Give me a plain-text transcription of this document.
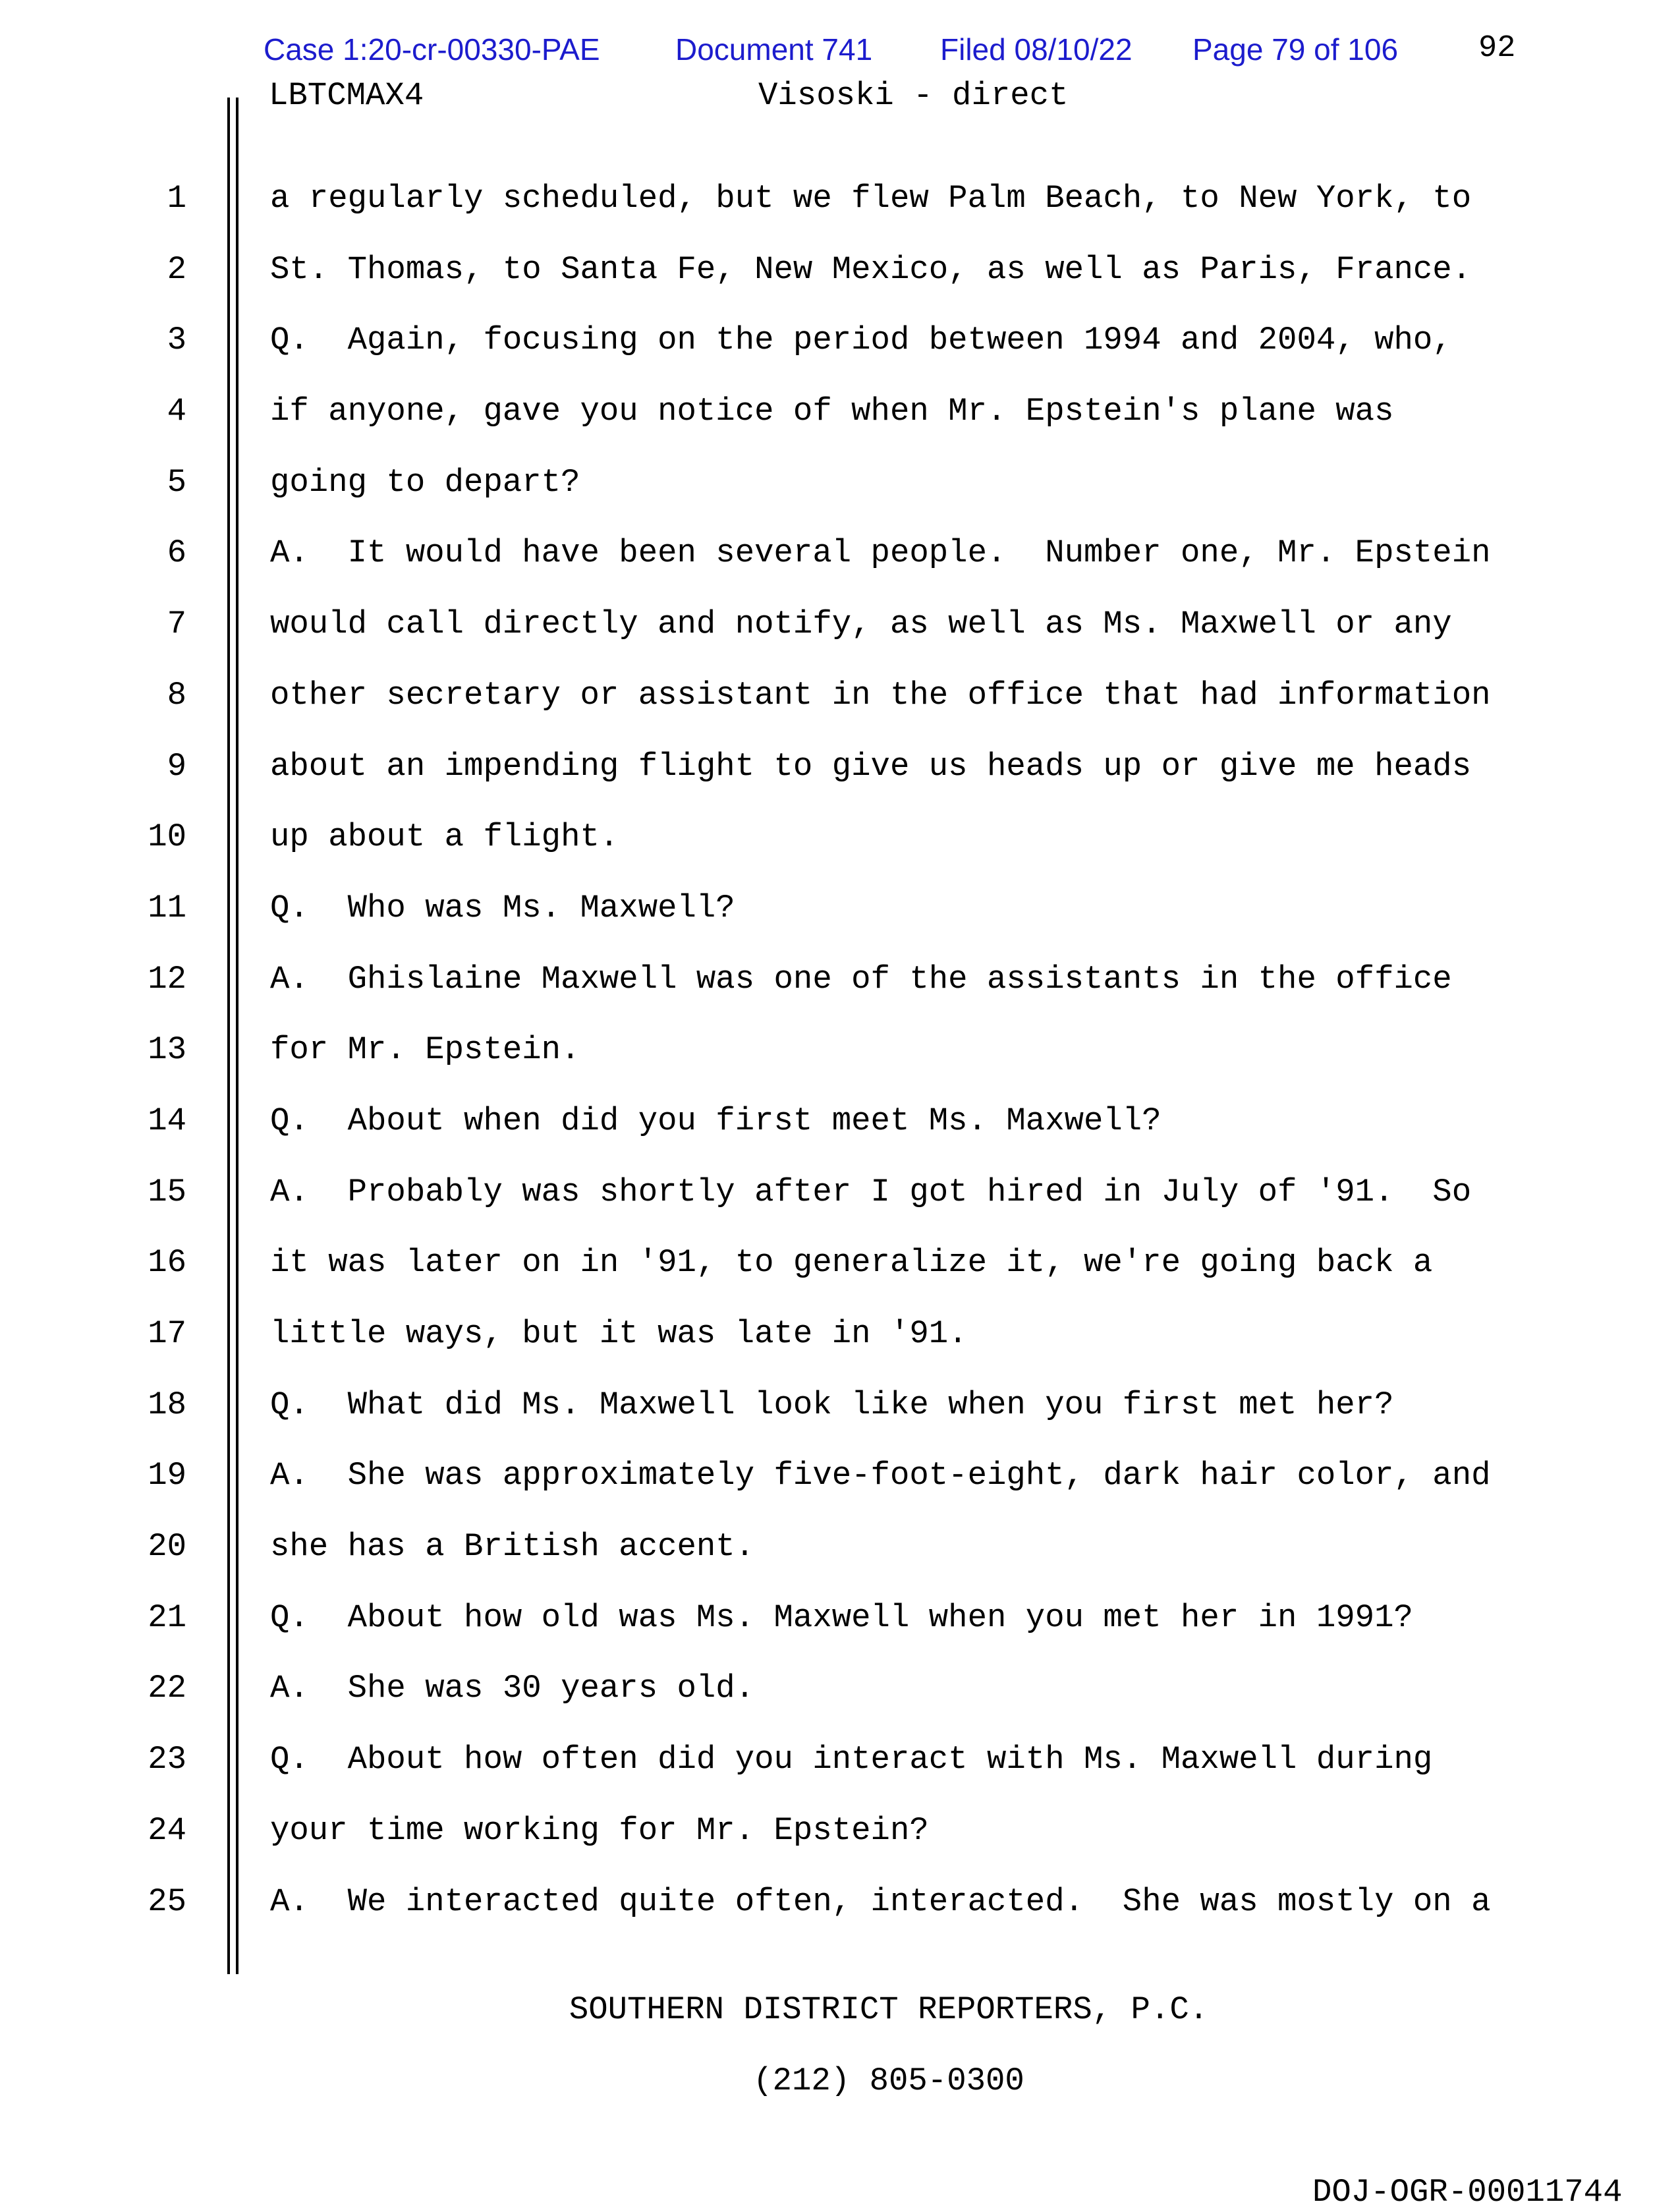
Case 1:20-cr-00330-PAE Document 741 Filed 08/10/22 Page 79 of 106	92
LBTCMAX4	Visoski - direct
1	a regularly scheduled, but we flew Palm Beach, to New York, to
2	St. Thomas, to Santa Fe, New Mexico, as well as Paris, France.
3	Q.  Again, focusing on the period between 1994 and 2004, who,
4	if anyone, gave you notice of when Mr. Epstein's plane was
5	going to depart?
6	A.  It would have been several people.  Number one, Mr. Epstein
7	would call directly and notify, as well as Ms. Maxwell or any
8	other secretary or assistant in the office that had information
9	about an impending flight to give us heads up or give me heads
10	up about a flight.
11	Q.  Who was Ms. Maxwell?
12	A.  Ghislaine Maxwell was one of the assistants in the office
13	for Mr. Epstein.
14	Q.  About when did you first meet Ms. Maxwell?
15	A.  Probably was shortly after I got hired in July of '91.  So
16	it was later on in '91, to generalize it, we're going back a
17	little ways, but it was late in '91.
18	Q.  What did Ms. Maxwell look like when you first met her?
19	A.  She was approximately five-foot-eight, dark hair color, and
20	she has a British accent.
21	Q.  About how old was Ms. Maxwell when you met her in 1991?
22	A.  She was 30 years old.
23	Q.  About how often did you interact with Ms. Maxwell during
24	your time working for Mr. Epstein?
25	A.  We interacted quite often, interacted.  She was mostly on a
SOUTHERN DISTRICT REPORTERS, P.C.
(212) 805-0300
DOJ-OGR-00011744
